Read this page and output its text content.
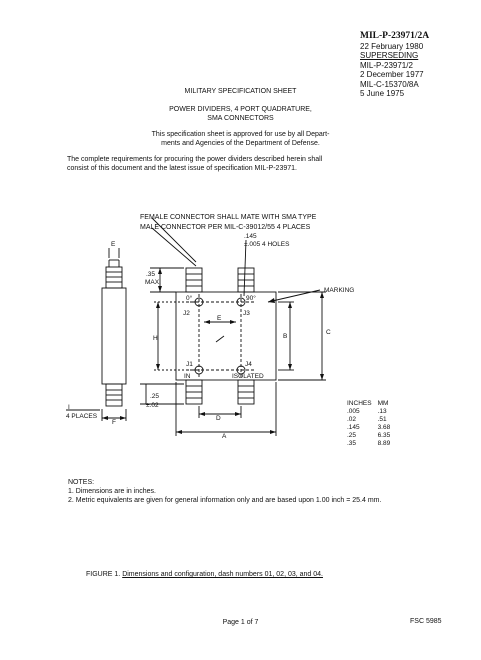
MIL-P-23971/2A
22 February 1980
SUPERSEDING
MIL-P-23971/2
2 December 1977
MIL-C-15370/8A
5 June 1975
MILITARY SPECIFICATION SHEET
POWER DIVIDERS, 4 PORT QUADRATURE,
SMA CONNECTORS
This specification sheet is approved for use by all Depart-
ments and Agencies of the Department of Defense.
The complete requirements for procuring the power dividers described herein shall
consist of this document and the latest issue of specification MIL-P-23971.
FEMALE CONNECTOR SHALL MATE WITH SMA TYPE
MALE CONNECTOR PER MIL-C-39012/55 4 PLACES
.145
±.005 4 HOLES
.35
MAX.
MARKING
0°	90°
J2	J3
J1	J4
IN	ISOLATED
E
E
H	B
C
D
A
F
I
4 PLACES
.25
±.02	INCHES	MM
.005	.13
.02	.51
.145	3.68
.25	6.35
.35	8.89
NOTES:
1. Dimensions are in inches.
2. Metric equivalents are given for general information only and are based upon 1.00 inch = 25.4 mm.
FIGURE 1. Dimensions and configuration, dash numbers 01, 02, 03, and 04.
Page 1 of 7	FSC 5985
